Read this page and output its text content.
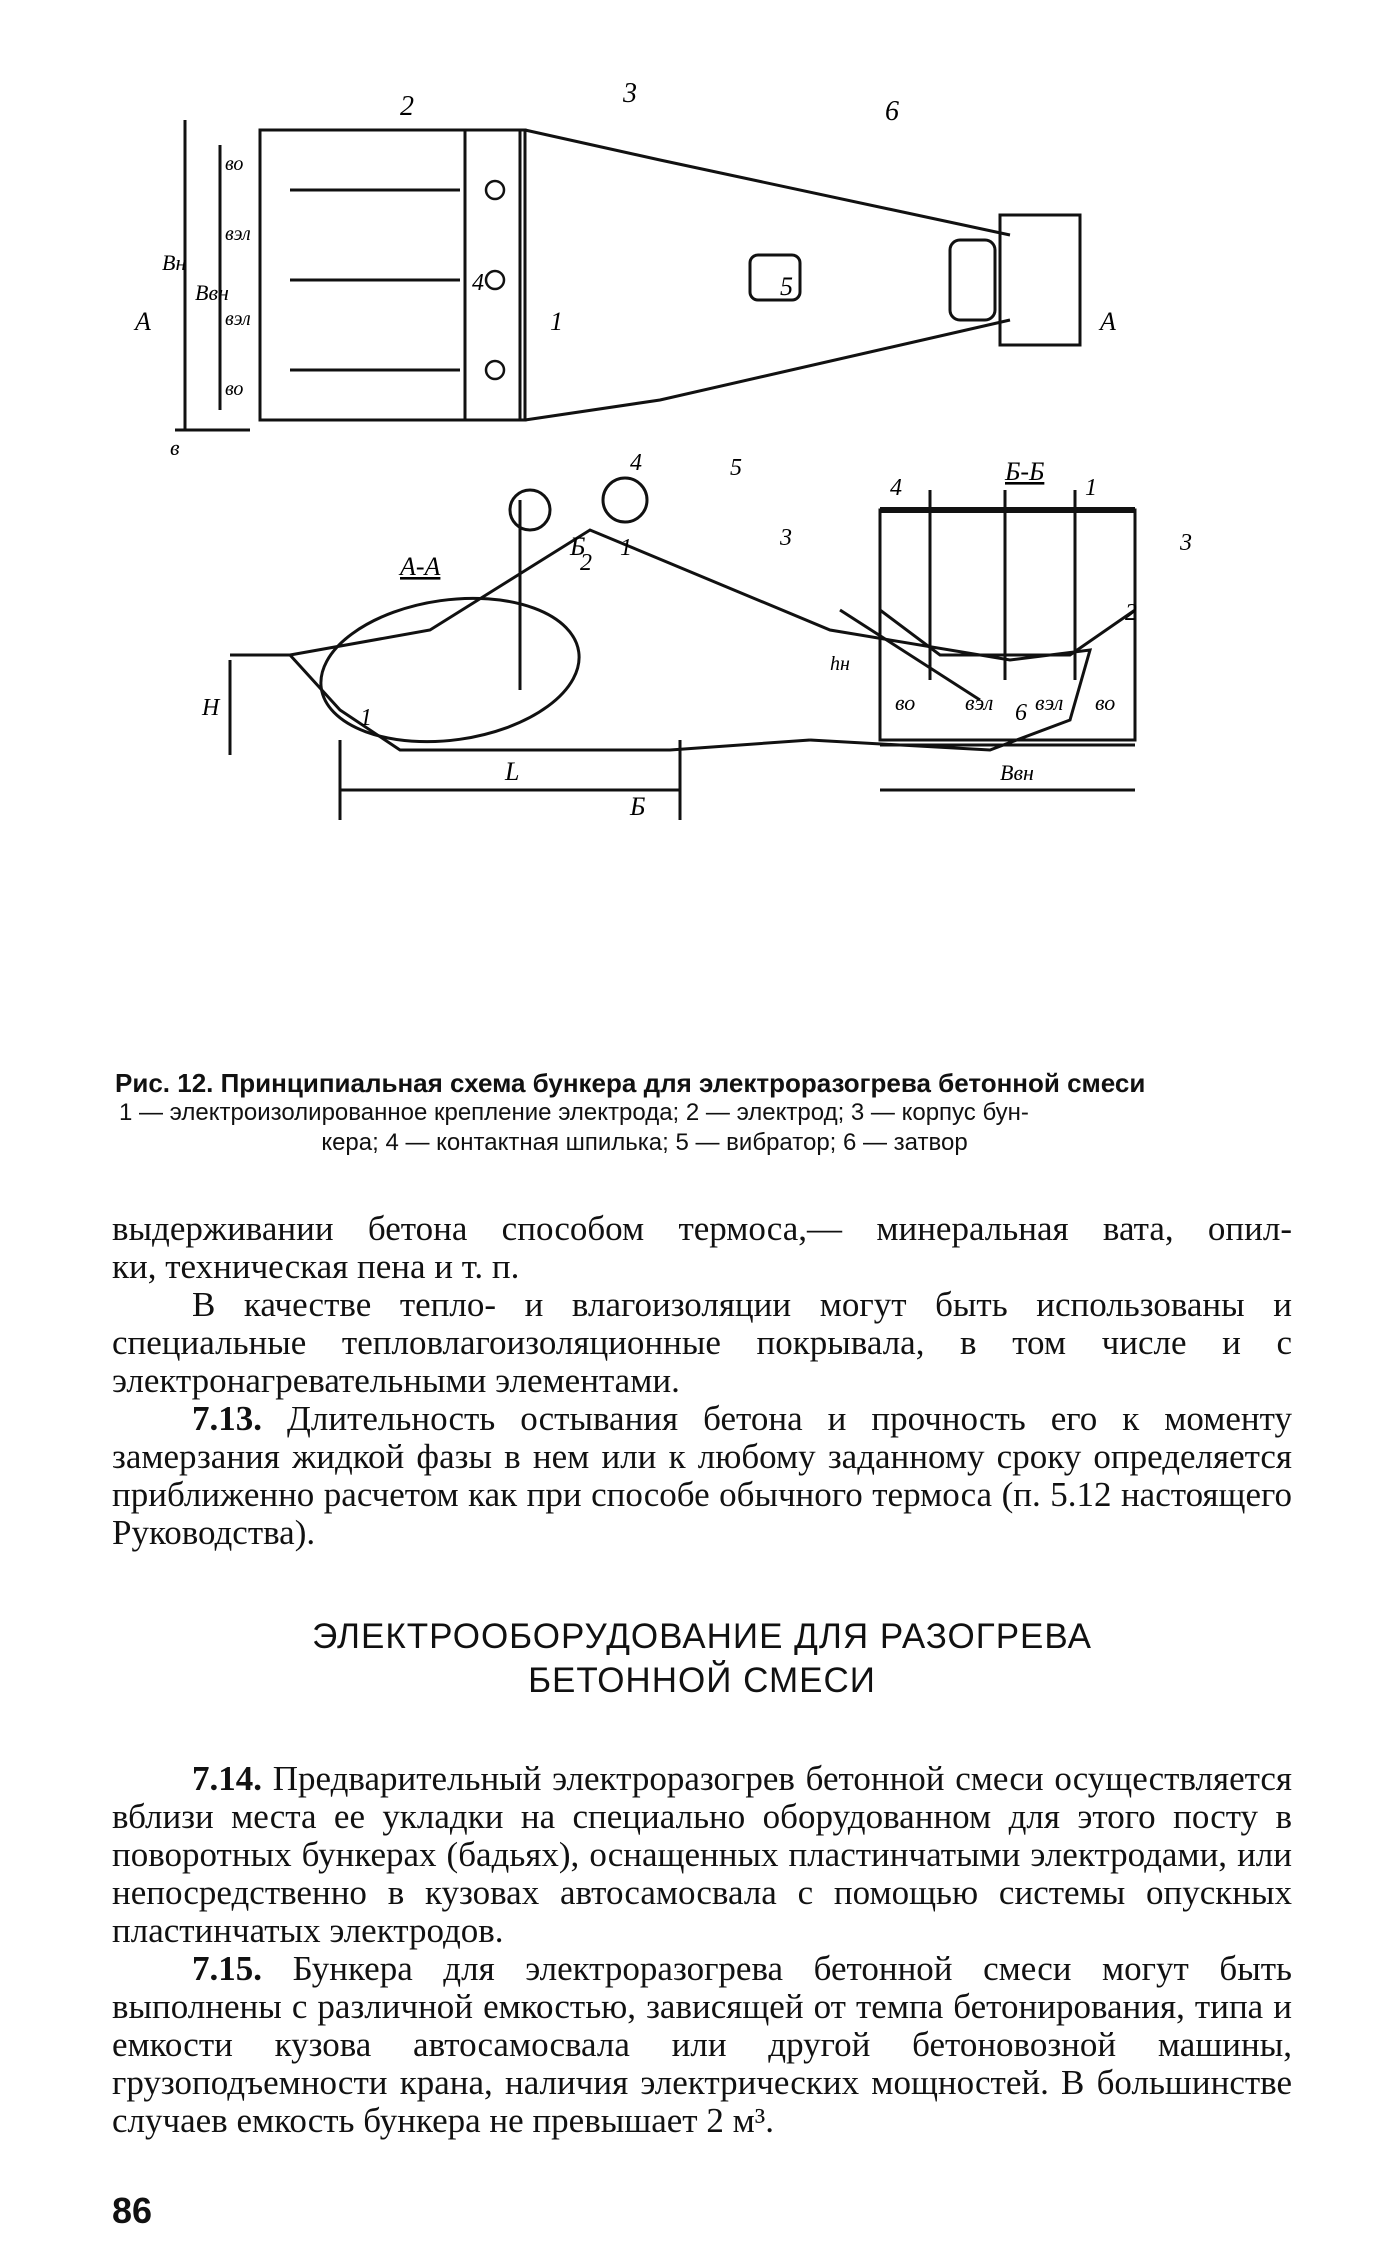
3
6
2
5
4
1
А	А
в
Вн
Ввн
во
вэл
вэл
во
Б-Б
4	1
3
2
hн
во вэл вэл во
Ввн
А-А
Б
Б
4	5
3
1
2
1	6
H
L
Рис. 12. Принципиальная схема бункера для электроразогрева бетонной смеси
1 — электроизолированное крепление электрода; 2 — электрод; 3 — корпус бун-
кера; 4 — контактная шпилька; 5 — вибратор; 6 — затвор

выдерживании бетона способом термоса,— минеральная вата, опил-

ки, техническая пена и т. п.

В качестве тепло- и влагоизоляции могут быть использованы и специальные тепловлагоизоляционные покрывала, в том числе и с электронагревательными элементами.

7.13. Длительность остывания бетона и прочность его к моменту замерзания жидкой фазы в нем или к любому заданному сроку определяется приближенно расчетом как при способе обычного термоса (п. 5.12 настоящего Руководства).

ЭЛЕКТРООБОРУДОВАНИЕ ДЛЯ РАЗОГРЕВА
БЕТОННОЙ СМЕСИ

7.14. Предварительный электроразогрев бетонной смеси осуществляется вблизи места ее укладки на специально оборудованном для этого посту в поворотных бункерах (бадьях), оснащенных пластинчатыми электродами, или непосредственно в кузовах автосамосвала с помощью системы опускных пластинчатых электродов.

7.15. Бункера для электроразогрева бетонной смеси могут быть выполнены с различной емкостью, зависящей от темпа бетонирования, типа и емкости кузова автосамосвала или другой бетоновозной машины, грузоподъемности крана, наличия электрических мощностей. В большинстве случаев емкость бункера не превышает 2 м³.

86
